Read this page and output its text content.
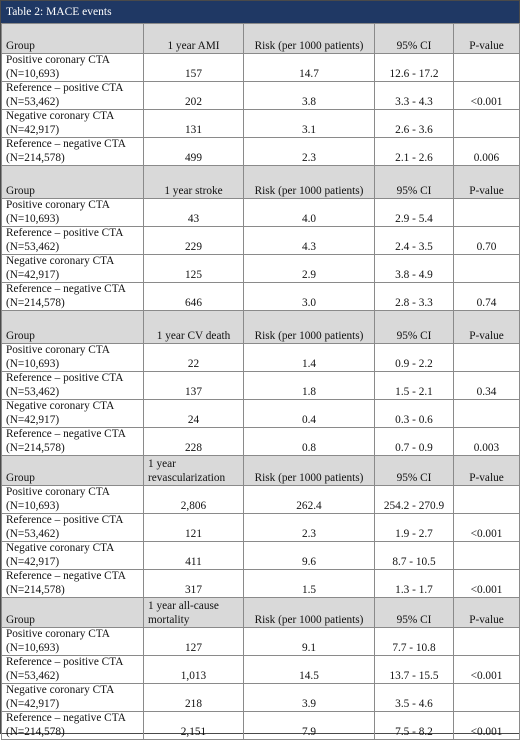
Table 2: MACE events
Group	1 year AMI	Risk (per 1000 patients)	95% CI	P-value

Positive coronary CTA
(N=10,693)	157	14.7	12.6 - 17.2	

Reference – positive CTA
(N=53,462)	202	3.8	3.3 - 4.3	<0.001

Negative coronary CTA
(N=42,917)	131	3.1	2.6 - 3.6	

Reference – negative CTA
(N=214,578)	499	2.3	2.1 - 2.6	0.006
Group	1 year stroke	Risk (per 1000 patients)	95% CI	P-value

Positive coronary CTA
(N=10,693)	43	4.0	2.9 - 5.4	

Reference – positive CTA
(N=53,462)	229	4.3	2.4 - 3.5	0.70

Negative coronary CTA
(N=42,917)	125	2.9	3.8 - 4.9	

Reference – negative CTA
(N=214,578)	646	3.0	2.8 - 3.3	0.74
Group	1 year CV death	Risk (per 1000 patients)	95% CI	P-value

Positive coronary CTA
(N=10,693)	22	1.4	0.9 - 2.2	

Reference – positive CTA
(N=53,462)	137	1.8	1.5 - 2.1	0.34

Negative coronary CTA
(N=42,917)	24	0.4	0.3 - 0.6	

Reference – negative CTA
(N=214,578)	228	0.8	0.7 - 0.9	0.003
Group	1 year
revascularization	Risk (per 1000 patients)	95% CI	P-value

Positive coronary CTA
(N=10,693)	2,806	262.4	254.2 - 270.9	

Reference – positive CTA
(N=53,462)	121	2.3	1.9 - 2.7	<0.001

Negative coronary CTA
(N=42,917)	411	9.6	8.7 - 10.5	

Reference – negative CTA
(N=214,578)	317	1.5	1.3 - 1.7	<0.001
Group	1 year all-cause
mortality	Risk (per 1000 patients)	95% CI	P-value

Positive coronary CTA
(N=10,693)	127	9.1	7.7 - 10.8	

Reference – positive CTA
(N=53,462)	1,013	14.5	13.7 - 15.5	<0.001

Negative coronary CTA
(N=42,917)	218	3.9	3.5 - 4.6	

Reference – negative CTA
(N=214,578)	2,151	7.9	7.5 - 8.2	<0.001
